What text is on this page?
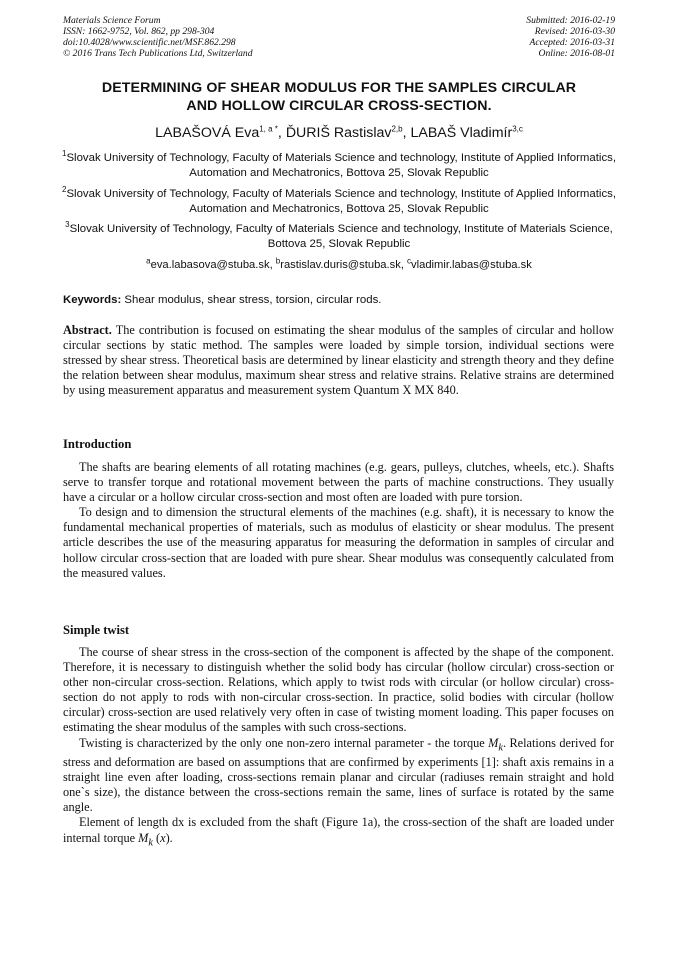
Materials Science Forum
ISSN: 1662-9752, Vol. 862, pp 298-304
doi:10.4028/www.scientific.net/MSF.862.298
© 2016 Trans Tech Publications Ltd, Switzerland
Submitted: 2016-02-19
Revised: 2016-03-30
Accepted: 2016-03-31
Online: 2016-08-01
DETERMINING OF SHEAR MODULUS FOR THE SAMPLES CIRCULAR
AND HOLLOW CIRCULAR CROSS-SECTION.
LABAŠOVÁ Eva$^{1, a *}$, ĎURIŠ Rastislav$^{2,b}$, LABAŠ Vladimír$^{3,c}$
$^1$Slovak University of Technology, Faculty of Materials Science and technology, Institute of Applied Informatics, Automation and Mechatronics, Bottova 25, Slovak Republic
$^2$Slovak University of Technology, Faculty of Materials Science and technology, Institute of Applied Informatics, Automation and Mechatronics, Bottova 25, Slovak Republic
$^3$Slovak University of Technology, Faculty of Materials Science and technology, Institute of Materials Science, Bottova 25, Slovak Republic
$^a$eva.labasova@stuba.sk, $^b$rastislav.duris@stuba.sk, $^c$vladimir.labas@stuba.sk
Keywords: Shear modulus, shear stress, torsion, circular rods.

Abstract. The contribution is focused on estimating the shear modulus of the samples of circular and hollow circular sections by static method. The samples were loaded by simple torsion, individual sections were stressed by shear stress. Theoretical basis are determined by linear elasticity and strength theory and they define the relation between shear modulus, maximum shear stress and relative strains. Relative strains are determined by using measurement apparatus and measurement system Quantum X MX 840.

Introduction

The shafts are bearing elements of all rotating machines (e.g. gears, pulleys, clutches, wheels, etc.). Shafts serve to transfer torque and rotational movement between the parts of machine constructions. They usually have a circular or a hollow circular cross-section and most often are loaded with pure torsion.

To design and to dimension the structural elements of the machines (e.g. shaft), it is necessary to know the fundamental mechanical properties of materials, such as modulus of elasticity or shear modulus. The present article describes the use of the measuring apparatus for measuring the deformation in samples of circular and hollow circular cross-section that are loaded with pure shear. Shear modulus was consequently calculated from the measured values.

Simple twist

The course of shear stress in the cross-section of the component is affected by the shape of the component. Therefore, it is necessary to distinguish whether the solid body has circular (hollow circular) cross-section or other non-circular cross-section. Relations, which apply to twist rods with circular (or hollow circular) cross-section do not apply to rods with non-circular cross-section. In practice, solid bodies with circular (hollow circular) cross-section are used relatively very often in case of twisting moment loading. This paper focuses on estimating the shear modulus of the samples with such cross-sections.

Twisting is characterized by the only one non-zero internal parameter - the torque $M_k$. Relations derived for stress and deformation are based on assumptions that are confirmed by experiments [1]: shaft axis remains in a straight line even after loading, cross-sections remain planar and circular (radiuses remain straight and hold one`s size), the distance between the cross-sections remain the same, lines of surface is rotated by the same angle.

Element of length dx is excluded from the shaft (Figure 1a), the cross-section of the shaft are loaded under internal torque $M_k$ (x).
